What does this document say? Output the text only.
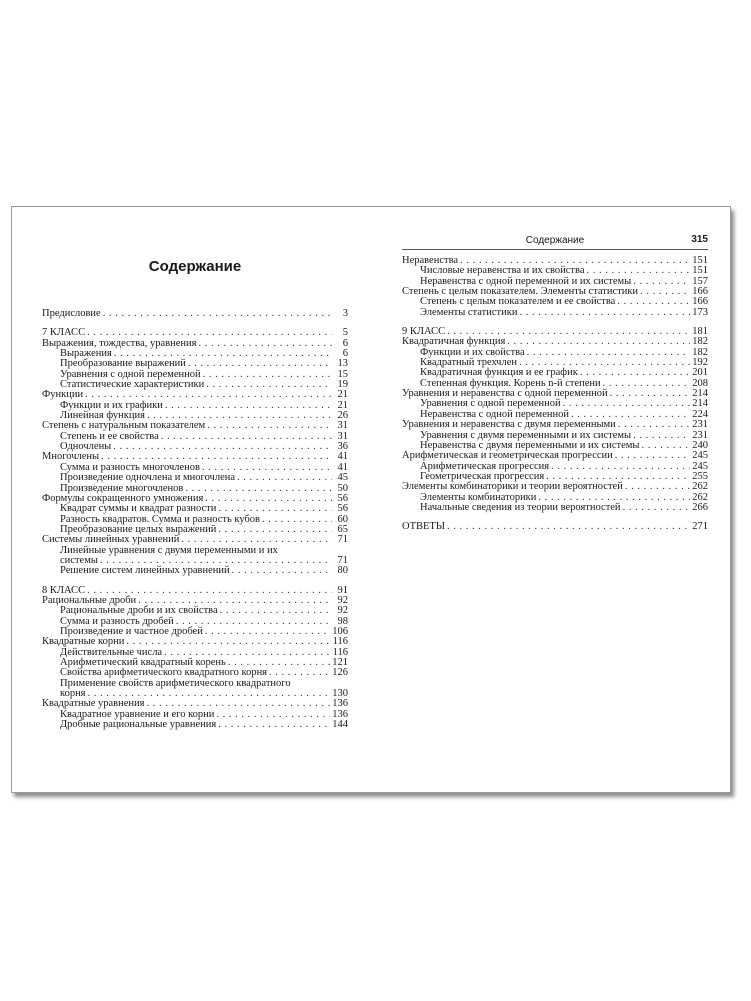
Содержание
Предисловие . . .	3
7 КЛАСС . . .	5
Выражения, тождества, уравнения . . .	6
Выражения . . .	6
Преобразование выражений . . .	13
Уравнения с одной переменной . . .	15
Статистические характеристики . . .	19
Функции . . .	21
Функции и их графики . . .	21
Линейная функция . . .	26
Степень с натуральным показателем . . .	31
Степень и ее свойства . . .	31
Одночлены . . .	36
Многочлены . . .	41
Сумма и разность многочленов . . .	41
Произведение одночлена и многочлена . . .	45
Произведение многочленов . . .	50
Формулы сокращенного умножения . . .	56
Квадрат суммы и квадрат разности . . .	56
Разность квадратов. Сумма и разность кубов . . .	60
Преобразование целых выражений . . .	65
Системы линейных уравнений . . .	71
Линейные уравнения с двумя переменными и их
системы . . .	71
Решение систем линейных уравнений . . .	80
8 КЛАСС . . .	91
Рациональные дроби . . .	92
Рациональные дроби и их свойства . . .	92
Сумма и разность дробей . . .	98
Произведение и частное дробей . . .	106
Квадратные корни . . .	116
Действительные числа . . .	116
Арифметический квадратный корень . . .	121
Свойства арифметического квадратного корня . . .	126
Применение свойств арифметического квадратного
корня . . .	130
Квадратные уравнения . . .	136
Квадратное уравнение и его корни . . .	136
Дробные рациональные уравнения . . .	144
Содержание	315
Неравенства . . .	151
Числовые неравенства и их свойства . . .	151
Неравенства с одной переменной и их системы . . .	157
Степень с целым показателем. Элементы статистики . . .	166
Степень с целым показателем и ее свойства . . .	166
Элементы статистики . . .	173
9 КЛАСС . . .	181
Квадратичная функция . . .	182
Функции и их свойства . . .	182
Квадратный трехчлен . . .	192
Квадратичная функция и ее график . . .	201
Степенная функция. Корень n-й степени . . .	208
Уравнения и неравенства с одной переменной . . .	214
Уравнения с одной переменной . . .	214
Неравенства с одной переменной . . .	224
Уравнения и неравенства с двумя переменными . . .	231
Уравнения с двумя переменными и их системы . . .	231
Неравенства с двумя переменными и их системы . . .	240
Арифметическая и геометрическая прогрессии . . .	245
Арифметическая прогрессия . . .	245
Геометрическая прогрессия . . .	255
Элементы комбинаторики и теории вероятностей . . .	262
Элементы комбинаторики . . .	262
Начальные сведения из теории вероятностей . . .	266
ОТВЕТЫ . . .	271
